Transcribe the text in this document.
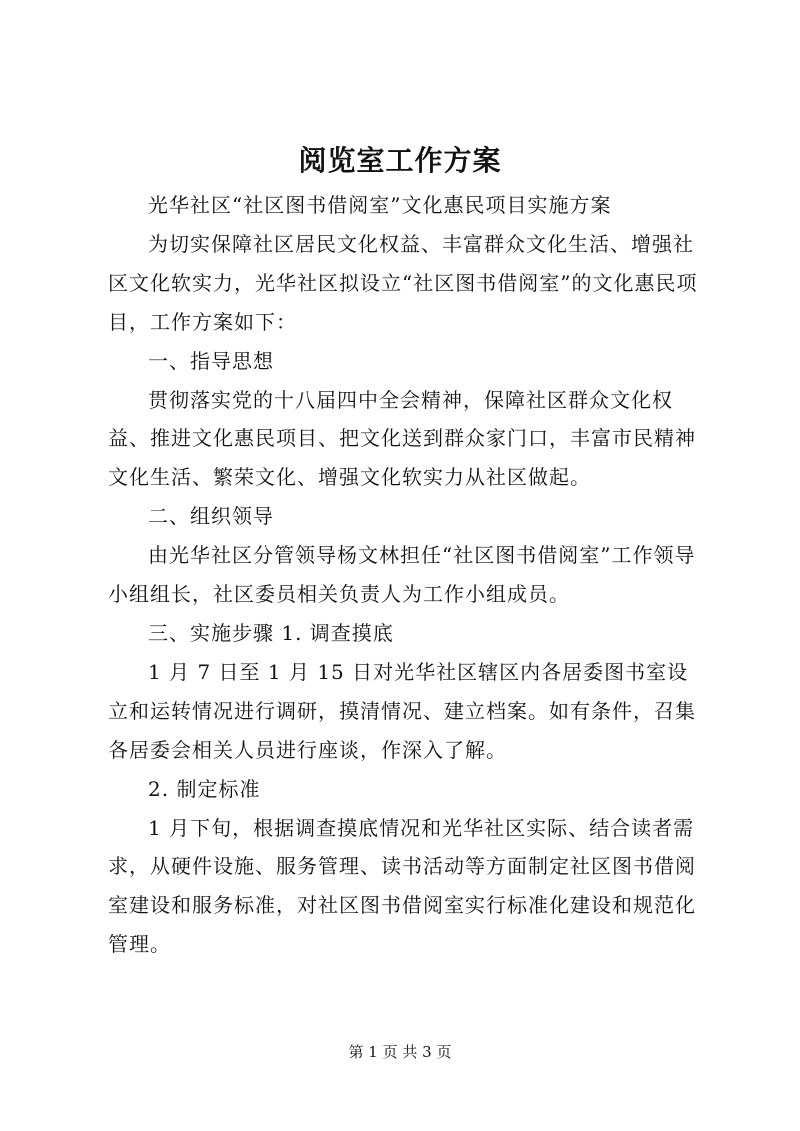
阅览室工作方案

光华社区“社区图书借阅室”文化惠民项目实施方案

为切实保障社区居民文化权益、丰富群众文化生活、增强社区文化软实力，光华社区拟设立“社区图书借阅室”的文化惠民项目，工作方案如下：

一、指导思想

贯彻落实党的十八届四中全会精神，保障社区群众文化权益、推进文化惠民项目、把文化送到群众家门口，丰富市民精神文化生活、繁荣文化、增强文化软实力从社区做起。

二、组织领导

由光华社区分管领导杨文林担任“社区图书借阅室”工作领导小组组长，社区委员相关负责人为工作小组成员。

三、实施步骤 1. 调查摸底

1 月 7 日至 1 月 15 日对光华社区辖区内各居委图书室设立和运转情况进行调研，摸清情况、建立档案。如有条件，召集各居委会相关人员进行座谈，作深入了解。

2. 制定标准

1 月下旬，根据调查摸底情况和光华社区实际、结合读者需求，从硬件设施、服务管理、读书活动等方面制定社区图书借阅室建设和服务标准，对社区图书借阅室实行标准化建设和规范化管理。

第 1 页 共 3 页
